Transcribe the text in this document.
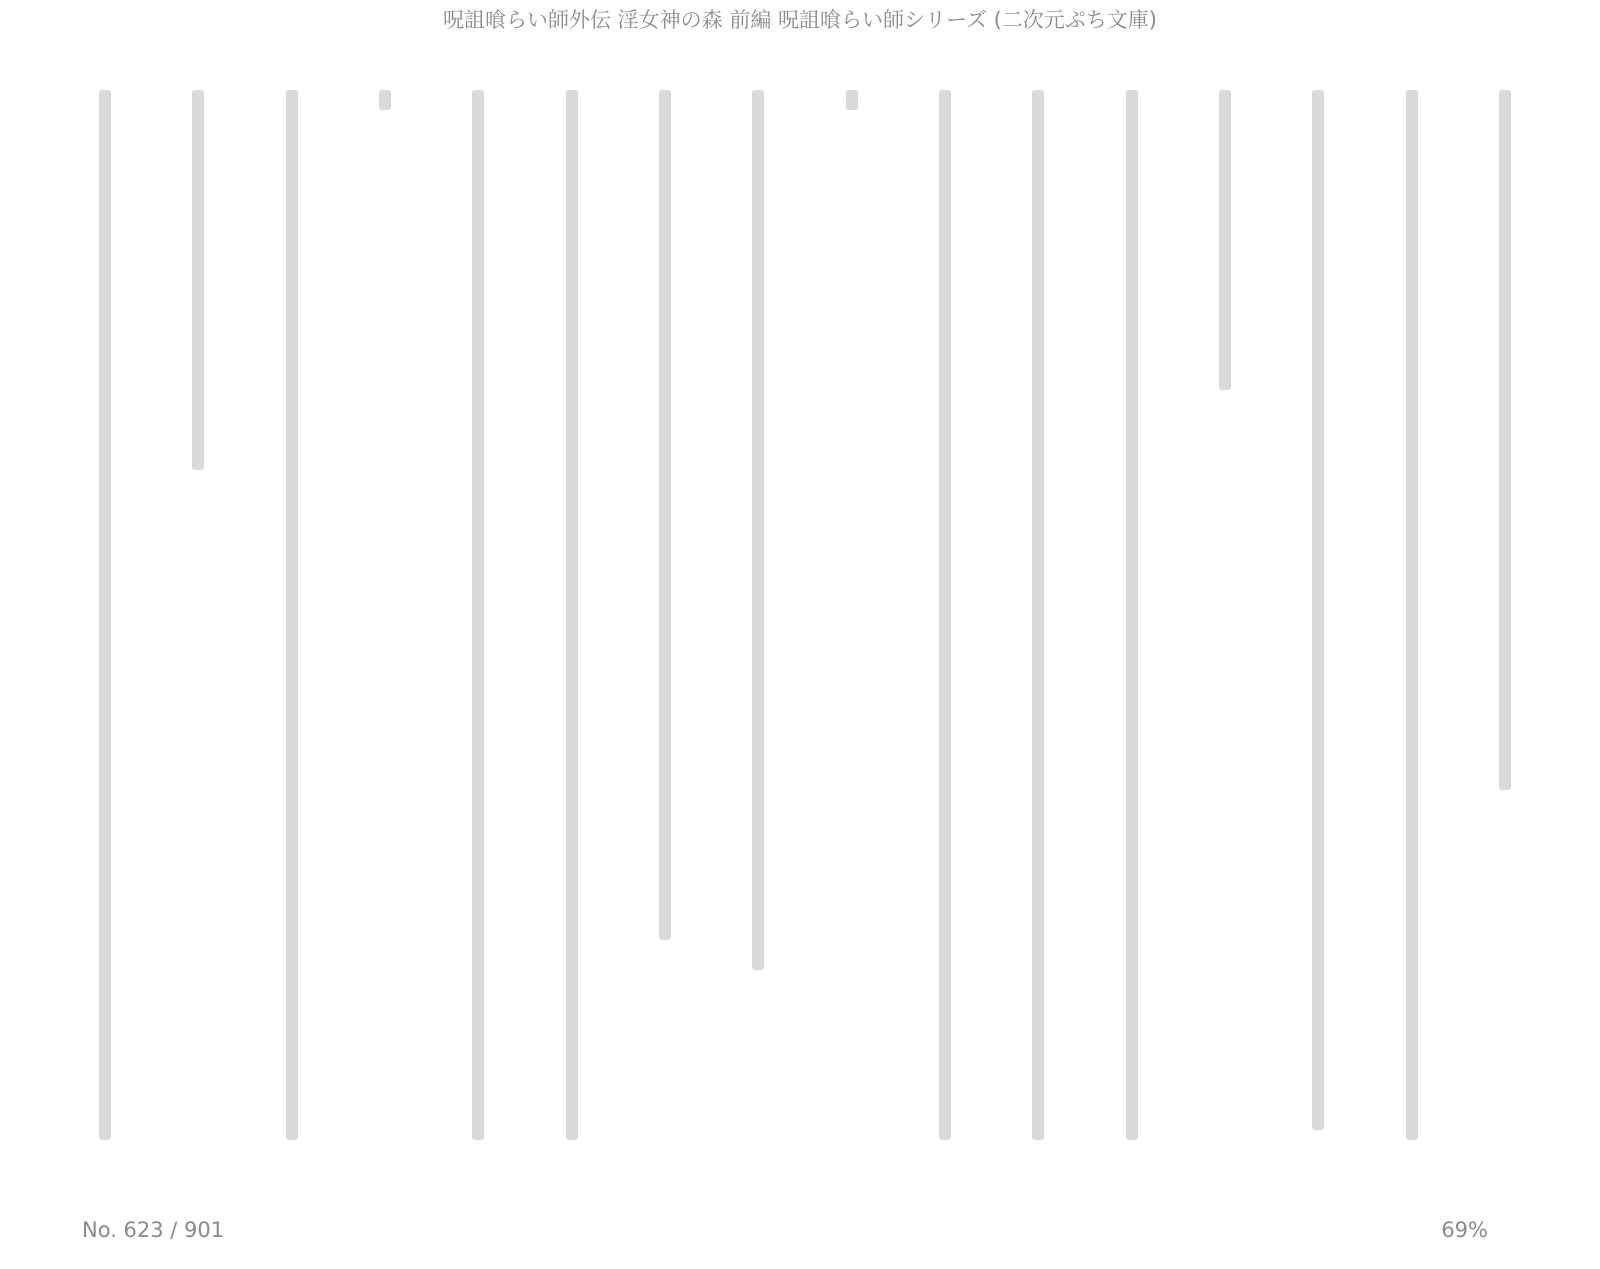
呪詛喰らい師外伝 淫女神の森 前編 呪詛喰らい師シリーズ (二次元ぷち文庫)
No. 623 / 901	69%
